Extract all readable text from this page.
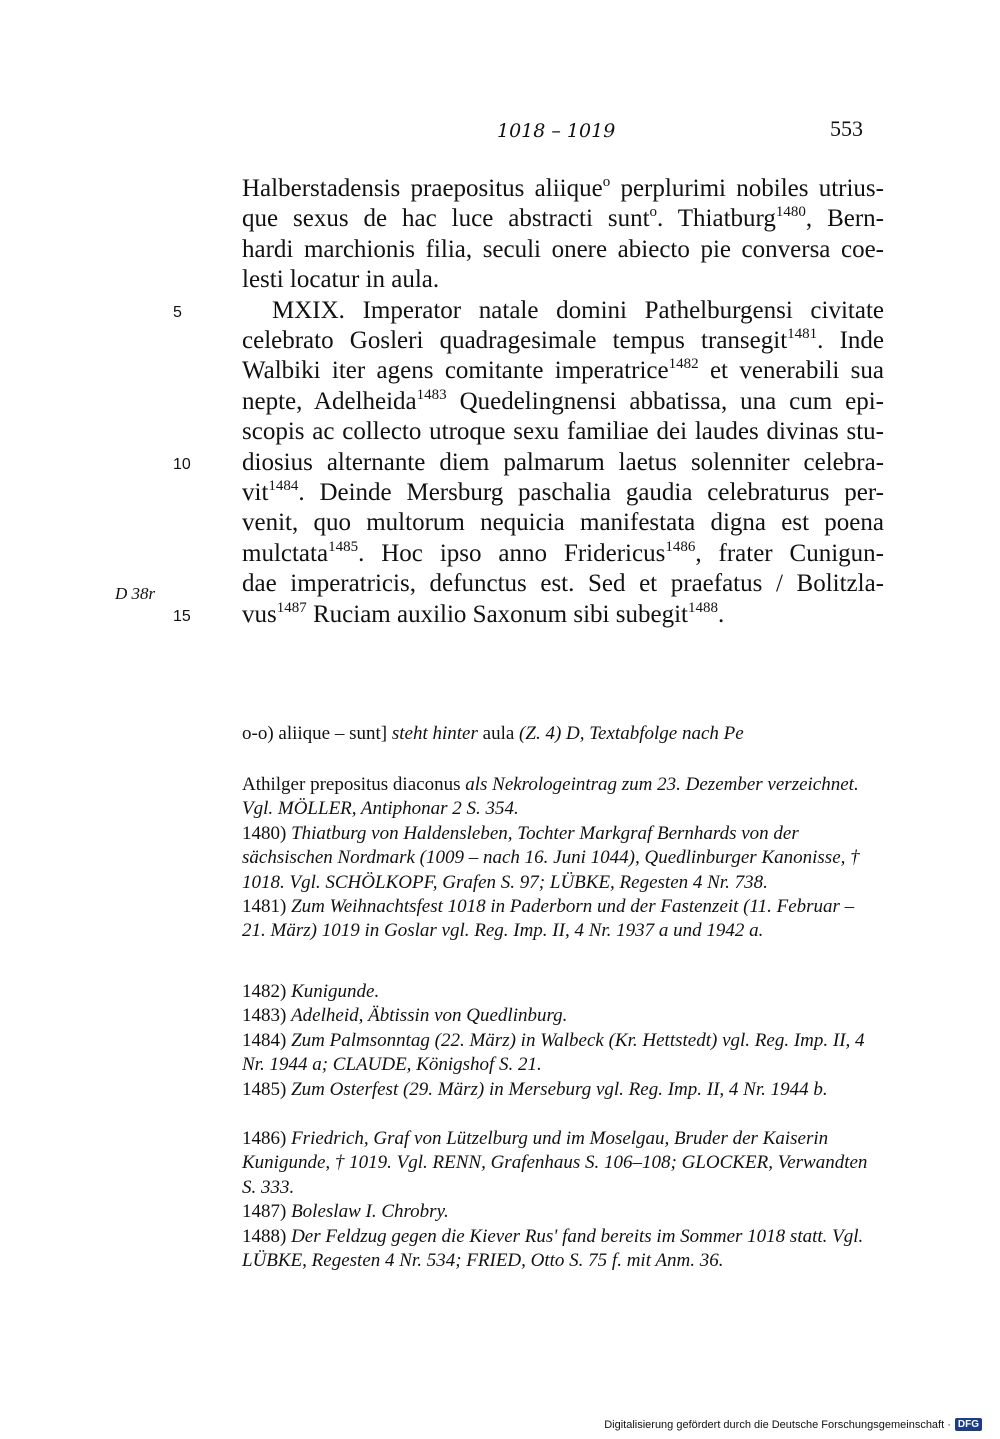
1018 – 1019	553
Halberstadensis praepositus aliique$^o$ perplurimi nobiles utrius-
que sexus de hac luce abstracti sunt$^o$. Thiatburg$^{1480}$, Bern-
hardi marchionis filia, seculi onere abiecto pie conversa coe-
lesti locatur in aula.
MXIX. Imperator natale domini Pathelburgensi civitate
celebrato Gosleri quadragesimale tempus transegit$^{1481}$. Inde
Walbiki iter agens comitante imperatrice$^{1482}$ et venerabili sua
nepte, Adelheida$^{1483}$ Quedelingnensi abbatissa, una cum epi-
scopis ac collecto utroque sexu familiae dei laudes divinas stu-
diosius alternante diem palmarum laetus solenniter celebra-
vit$^{1484}$. Deinde Mersburg paschalia gaudia celebraturus per-
venit, quo multorum nequicia manifestata digna est poena
mulctata$^{1485}$. Hoc ipso anno Fridericus$^{1486}$, frater Cunigun-
dae imperatricis, defunctus est. Sed et praefatus / Bolitzla-
vus$^{1487}$ Ruciam auxilio Saxonum sibi subegit$^{1488}$.
5
10
15
D 38r
o-o) aliique – sunt] steht hinter aula (Z. 4) D, Textabfolge nach Pe
Athilger prepositus diaconus als Nekrologeintrag zum 23. Dezember verzeichnet. Vgl. MÖLLER, Antiphonar 2 S. 354.
1480) Thiatburg von Haldensleben, Tochter Markgraf Bernhards von der sächsischen Nordmark (1009 – nach 16. Juni 1044), Quedlinburger Kanonisse, † 1018. Vgl. SCHÖLKOPF, Grafen S. 97; LÜBKE, Regesten 4 Nr. 738.
1481) Zum Weihnachtsfest 1018 in Paderborn und der Fastenzeit (11. Februar – 21. März) 1019 in Goslar vgl. Reg. Imp. II, 4 Nr. 1937 a und 1942 a.
1482) Kunigunde.
1483) Adelheid, Äbtissin von Quedlinburg.
1484) Zum Palmsonntag (22. März) in Walbeck (Kr. Hettstedt) vgl. Reg. Imp. II, 4 Nr. 1944 a; CLAUDE, Königshof S. 21.
1485) Zum Osterfest (29. März) in Merseburg vgl. Reg. Imp. II, 4 Nr. 1944 b.
1486) Friedrich, Graf von Lützelburg und im Moselgau, Bruder der Kaiserin Kunigunde, † 1019. Vgl. RENN, Grafenhaus S. 106–108; GLOCKER, Verwandten S. 333.
1487) Boleslaw I. Chrobry.
1488) Der Feldzug gegen die Kiever Rus' fand bereits im Sommer 1018 statt. Vgl. LÜBKE, Regesten 4 Nr. 534; FRIED, Otto S. 75 f. mit Anm. 36.
Digitalisierung gefördert durch die Deutsche Forschungsgemeinschaft · DFG
